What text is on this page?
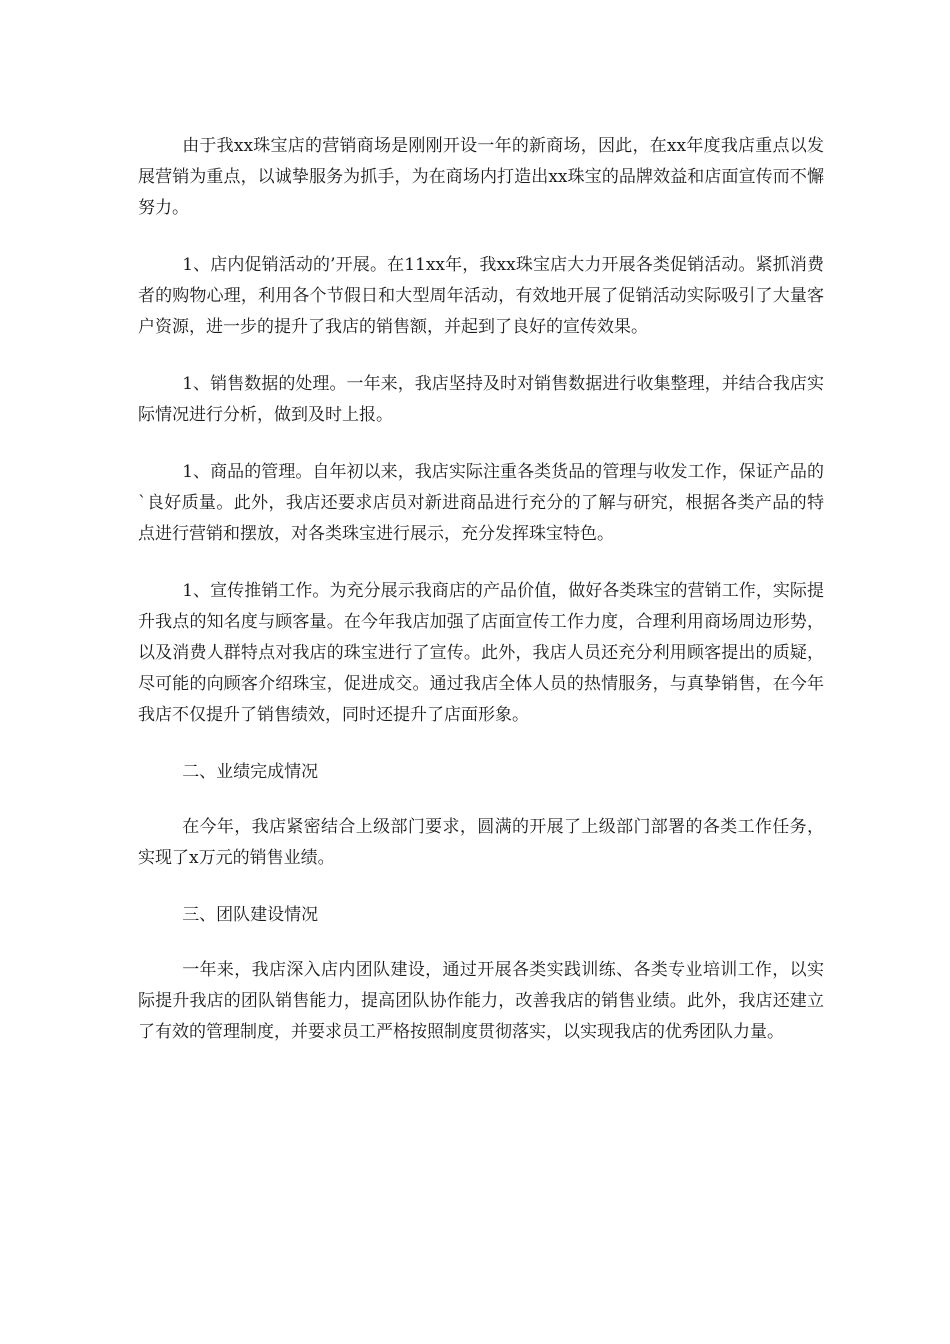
由于我xx珠宝店的营销商场是刚刚开设一年的新商场，因此，在xx年度我店重点以发展营销为重点，以诚挚服务为抓手，为在商场内打造出xx珠宝的品牌效益和店面宣传而不懈努力。

1、店内促销活动的’开展。在11xx年，我xx珠宝店大力开展各类促销活动。紧抓消费者的购物心理，利用各个节假日和大型周年活动，有效地开展了促销活动实际吸引了大量客户资源，进一步的提升了我店的销售额，并起到了良好的宣传效果。

1、销售数据的处理。一年来，我店坚持及时对销售数据进行收集整理，并结合我店实际情况进行分析，做到及时上报。

1、商品的管理。自年初以来，我店实际注重各类货品的管理与收发工作，保证产品的`良好质量。此外，我店还要求店员对新进商品进行充分的了解与研究，根据各类产品的特点进行营销和摆放，对各类珠宝进行展示，充分发挥珠宝特色。

1、宣传推销工作。为充分展示我商店的产品价值，做好各类珠宝的营销工作，实际提升我点的知名度与顾客量。在今年我店加强了店面宣传工作力度，合理利用商场周边形势，以及消费人群特点对我店的珠宝进行了宣传。此外，我店人员还充分利用顾客提出的质疑，尽可能的向顾客介绍珠宝，促进成交。通过我店全体人员的热情服务，与真挚销售，在今年我店不仅提升了销售绩效，同时还提升了店面形象。

二、业绩完成情况

在今年，我店紧密结合上级部门要求，圆满的开展了上级部门部署的各类工作任务，实现了x万元的销售业绩。

三、团队建设情况

一年来，我店深入店内团队建设，通过开展各类实践训练、各类专业培训工作，以实际提升我店的团队销售能力，提高团队协作能力，改善我店的销售业绩。此外，我店还建立了有效的管理制度，并要求员工严格按照制度贯彻落实，以实现我店的优秀团队力量。
